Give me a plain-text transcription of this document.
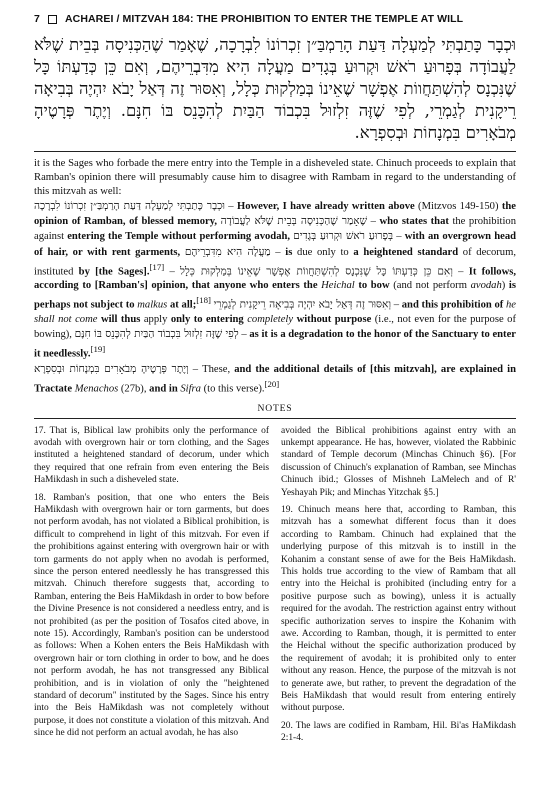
7 ACHAREI / MITZVAH 184: THE PROHIBITION TO ENTER THE TEMPLE AT WILL
וּכְבָר כָּתַבְתִּי לְמַעְלָה דַּעַת הָרַמְבַּ״ן זִכְרוֹנוֹ לִבְרָכָה, שֶׁאָמַר שֶׁהַכְּנִיסָה בְּבֵית שֶׁלֹּא לַעֲבוֹדָה בְּפָרוּעַ רֹאשׁ וּקְרוּעַ בְּגָדִים מַעֲלָה הִיא מִדִּבְרֵיהֶם, וְאִם כֵּן כְּדַעְתּוֹ כָּל שֶׁנִּכְנָס לְהִשְׁתַּחֲווֹת אֶפְשָׁר שֶׁאֵינוֹ בְּמַלְקוּת כְּלָל, וְאִסּוּר זֶה דְּאַל יָבֹא יִהְיֶה בְּבִיאָה רֵיקָנִית לְגַמְרֵי, לְפִי שֶׁזֶּה זִלְזוּל בִּכְבוֹד הַבַּיִת לְהִכָּנֵס בּוֹ חִנָּם. וְיֶתֶר פְּרָטֶיהָ מְבֹאָרִים בִּמְנָחוֹת וּבְסִפְרָא.

it is the Sages who forbade the mere entry into the Temple in a disheveled state. Chinuch proceeds to explain that Ramban's opinion there will presumably cause him to disagree with Rambam in regard to the understanding of this mitzvah as well:

וּכְבָר כָּתַבְתִּי לְמַעְלָה דַּעַת הָרַמְבַּ״ן זִכְרוֹנוֹ לִבְרָכָה – However, I have already written above (Mitzvos 149-150) the opinion of Ramban, of blessed memory, שֶׁאָמַר שֶׁהַכְּנִיסָה בְּבֵית שֶׁלֹּא לַעֲבוֹדָה – who states that the prohibition against entering the Temple without performing avodah, בְּפָרוּעַ רֹאשׁ וּקְרוּעַ בְּגָדִים – with an overgrown head of hair, or with rent garments, מַעֲלָה הִיא מִדִּבְרֵיהֶם – is due only to a heightened standard of decorum, instituted by [the Sages].[17] – וְאִם כֵּן כְּדַעְתּוֹ כָּל שֶׁנִּכְנָס לְהִשְׁתַּחֲווֹת אֶפְשָׁר שֶׁאֵינוֹ בְּמַלְקוּת כְּלָל – It follows, according to [Ramban's] opinion, that anyone who enters the Heichal to bow (and not perform avodah) is perhaps not subject to malkus at all;[18] וְאִסּוּר זֶה דְּאַל יָבֹא יִהְיֶה בְּבִיאָה רֵיקָנִית לְגַמְרֵי – and this prohibition of he shall not come will thus apply only to entering completely without purpose (i.e., not even for the purpose of bowing), לְפִי שֶׁזֶּה זִלְזוּל בִּכְבוֹד הַבַּיִת לְהִכָּנֵס בּוֹ חִנָּם – as it is a degradation to the honor of the Sanctuary to enter it needlessly.[19]

וְיֶתֶר פְּרָטֶיהָ מְבֹאָרִים בִּמְנָחוֹת וּבְסִפְרָא – These, and the additional details of [this mitzvah], are explained in Tractate Menachos (27b), and in Sifra (to this verse).[20]

NOTES

17. That is, Biblical law prohibits only the performance of avodah with overgrown hair or torn clothing, and the Sages instituted a heightened standard of decorum, under which they required that one refrain from even entering the Beis HaMikdash in such a disheveled state.

18. Ramban's position, that one who enters the Beis HaMikdash with overgrown hair or torn garments, but does not perform avodah, has not violated a Biblical prohibition, is difficult to comprehend in light of this mitzvah. For even if the prohibitions against entering with overgrown hair or with torn garments do not apply when no avodah is performed, since the person entered needlessly he has transgressed this mitzvah. Chinuch therefore suggests that, according to Ramban, entering the Beis HaMikdash in order to bow before the Divine Presence is not considered a needless entry, and is not prohibited (as per the position of Tosafos cited above, in note 15). Accordingly, Ramban's position can be understood as follows: When a Kohen enters the Beis HaMikdash with overgrown hair or torn clothing in order to bow, and he does not perform avodah, he has not transgressed any Biblical prohibition, and is in violation of only the "heightened standard of decorum" instituted by the Sages. Since his entry into the Beis HaMikdash was not completely without purpose, it does not constitute a violation of this mitzvah. And since he did not perform an actual avodah, he has also

avoided the Biblical prohibitions against entry with an unkempt appearance. He has, however, violated the Rabbinic standard of Temple decorum (Minchas Chinuch §6). [For discussion of Chinuch's explanation of Ramban, see Minchas Chinuch ibid.; Glosses of Mishneh LaMelech and of R' Yeshayah Pik; and Minchas Yitzchak §5.]

19. Chinuch means here that, according to Ramban, this mitzvah has a somewhat different focus than it does according to Rambam. Chinuch had explained that the underlying purpose of this mitzvah is to instill in the Kohanim a constant sense of awe for the Beis HaMikdash. This holds true according to the view of Rambam that all entry into the Heichal is prohibited (including entry for a positive purpose such as bowing), unless it is actually required for the avodah. The restriction against entry without specific authorization serves to inspire the Kohanim with awe. According to Ramban, though, it is permitted to enter the Heichal without the specific authorization produced by the requirement of avodah; it is prohibited only to enter without any reason. Hence, the purpose of the mitzvah is not to generate awe, but rather, to prevent the degradation of the Beis HaMikdash that would result from entering entirely without purpose.

20. The laws are codified in Rambam, Hil. Bi'as HaMikdash 2:1-4.
